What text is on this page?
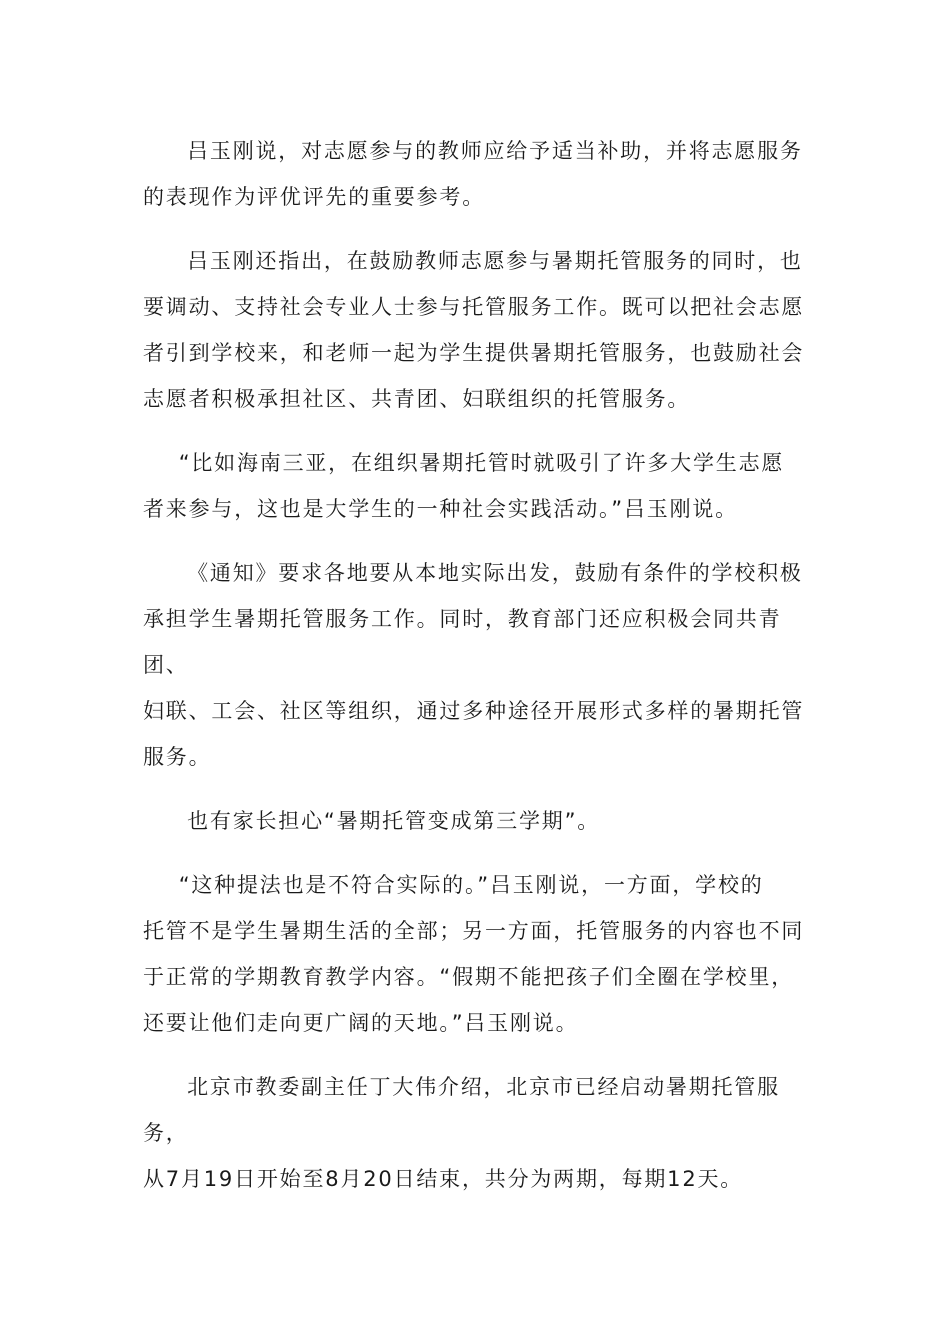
吕玉刚说，对志愿参与的教师应给予适当补助，并将志愿服务
的表现作为评优评先的重要参考。

吕玉刚还指出，在鼓励教师志愿参与暑期托管服务的同时，也
要调动、支持社会专业人士参与托管服务工作。既可以把社会志愿
者引到学校来，和老师一起为学生提供暑期托管服务，也鼓励社会
志愿者积极承担社区、共青团、妇联组织的托管服务。

“比如海南三亚，在组织暑期托管时就吸引了许多大学生志愿
者来参与，这也是大学生的一种社会实践活动。”吕玉刚说。

《通知》要求各地要从本地实际出发，鼓励有条件的学校积极
承担学生暑期托管服务工作。同时，教育部门还应积极会同共青团、
妇联、工会、社区等组织，通过多种途径开展形式多样的暑期托管
服务。

也有家长担心“暑期托管变成第三学期”。

“这种提法也是不符合实际的。”吕玉刚说，一方面，学校的
托管不是学生暑期生活的全部；另一方面，托管服务的内容也不同
于正常的学期教育教学内容。“假期不能把孩子们全圈在学校里，
还要让他们走向更广阔的天地。”吕玉刚说。

北京市教委副主任丁大伟介绍，北京市已经启动暑期托管服务，
从7月19日开始至8月20日结束，共分为两期，每期12天。
